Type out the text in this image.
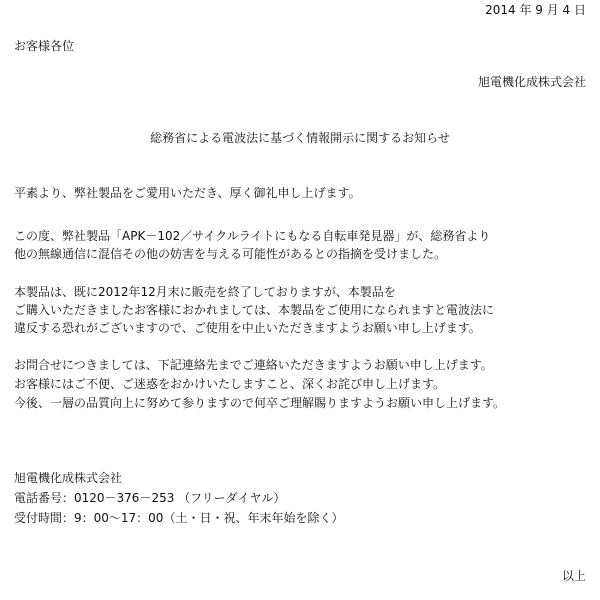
2014 年 9 月 4 日
お客様各位
旭電機化成株式会社
総務省による電波法に基づく情報開示に関するお知らせ
平素より、弊社製品をご愛用いただき、厚く御礼申し上げます。
この度、弊社製品「APK－102／サイクルライトにもなる自転車発見器」が、総務省より
他の無線通信に混信その他の妨害を与える可能性があるとの指摘を受けました。
本製品は、既に2012年12月末に販売を終了しておりますが、本製品を
ご購入いただきましたお客様におかれましては、本製品をご使用になられますと電波法に
違反する恐れがございますので、ご使用を中止いただきますようお願い申し上げます。
お問合せにつきましては、下記連絡先までご連絡いただきますようお願い申し上げます。
お客様にはご不便、ご迷惑をおかけいたしますこと、深くお詫び申し上げます。
今後、一層の品質向上に努めて参りますので何卒ご理解賜りますようお願い申し上げます。
旭電機化成株式会社
電話番号：0120－376－253 （フリーダイヤル）
受付時間：9：00～17：00（土・日・祝、年末年始を除く）
以上
